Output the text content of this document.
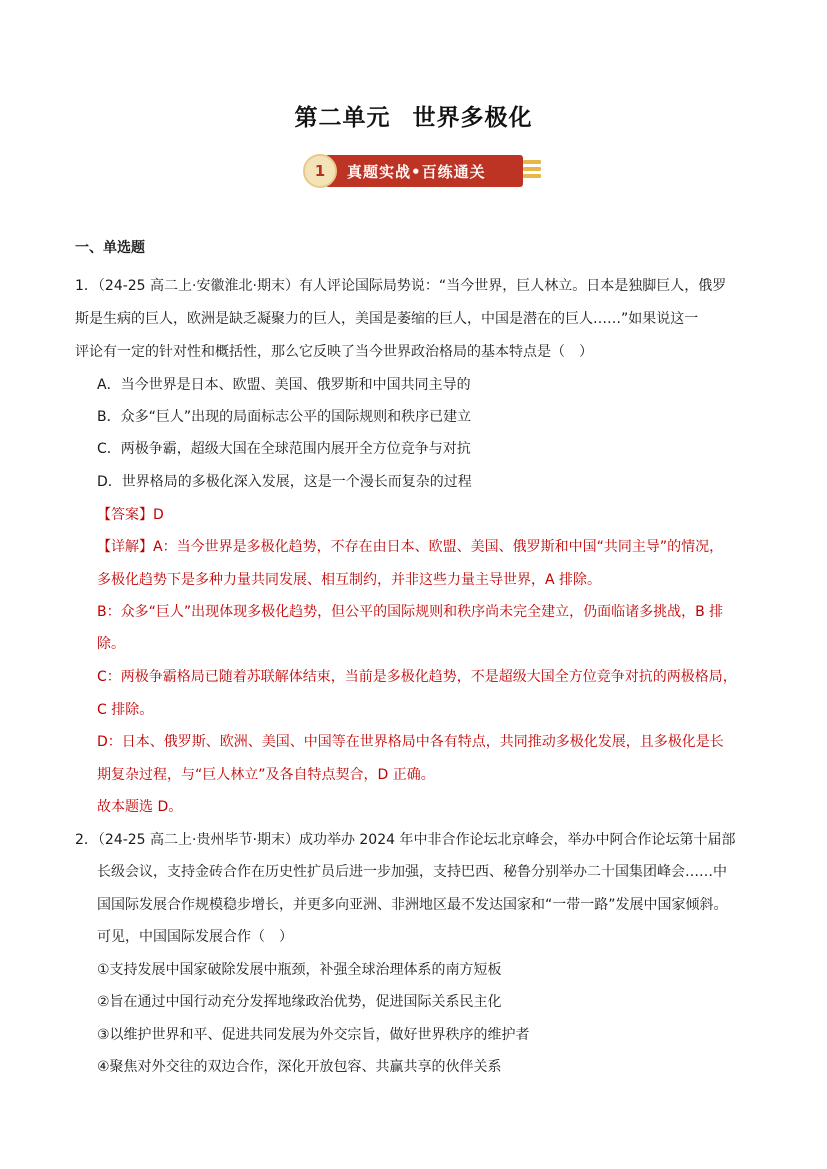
第二单元 世界多极化
1	真题实战•百练通关
一、单选题
1．（24-25 高二上·安徽淮北·期末）有人评论国际局势说：“当今世界，巨人林立。日本是独脚巨人，俄罗
斯是生病的巨人，欧洲是缺乏凝聚力的巨人，美国是萎缩的巨人，中国是潜在的巨人……”如果说这一
评论有一定的针对性和概括性，那么它反映了当今世界政治格局的基本特点是（　）
A．当今世界是日本、欧盟、美国、俄罗斯和中国共同主导的
B．众多“巨人”出现的局面标志公平的国际规则和秩序已建立
C．两极争霸，超级大国在全球范围内展开全方位竞争与对抗
D．世界格局的多极化深入发展，这是一个漫长而复杂的过程
【答案】D
【详解】A：当今世界是多极化趋势，不存在由日本、欧盟、美国、俄罗斯和中国“共同主导”的情况，
多极化趋势下是多种力量共同发展、相互制约，并非这些力量主导世界，A 排除。
B：众多“巨人”出现体现多极化趋势，但公平的国际规则和秩序尚未完全建立，仍面临诸多挑战，B 排
除。
C：两极争霸格局已随着苏联解体结束，当前是多极化趋势，不是超级大国全方位竞争对抗的两极格局，
C 排除。
D：日本、俄罗斯、欧洲、美国、中国等在世界格局中各有特点，共同推动多极化发展，且多极化是长
期复杂过程，与“巨人林立”及各自特点契合，D 正确。
故本题选 D。
2．（24-25 高二上·贵州毕节·期末）成功举办 2024 年中非合作论坛北京峰会，举办中阿合作论坛第十届部
长级会议，支持金砖合作在历史性扩员后进一步加强，支持巴西、秘鲁分别举办二十国集团峰会……中
国国际发展合作规模稳步增长，并更多向亚洲、非洲地区最不发达国家和“一带一路”发展中国家倾斜。
可见，中国国际发展合作（　）
①支持发展中国家破除发展中瓶颈，补强全球治理体系的南方短板
②旨在通过中国行动充分发挥地缘政治优势，促进国际关系民主化
③以维护世界和平、促进共同发展为外交宗旨，做好世界秩序的维护者
④聚焦对外交往的双边合作，深化开放包容、共赢共享的伙伴关系
